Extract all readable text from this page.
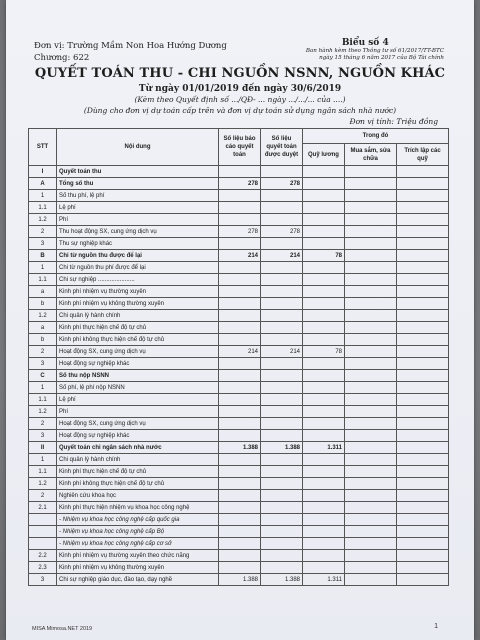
Đơn vị: Trường Mầm Non Hoa Hướng Dương
Chương: 622
Biểu số 4
Ban hành kèm theo Thông tư số 61/2017/TT-BTC
ngày 15 tháng 6 năm 2017 của Bộ Tài chính
QUYẾT TOÁN THU - CHI NGUỒN NSNN, NGUỒN KHÁC
Từ ngày 01/01/2019 đến ngày 30/6/2019
(Kèm theo Quyết định số .../QĐ- ... ngày .../.../... của ....)
(Dùng cho đơn vị dự toán cấp trên và đơn vị dự toán sử dụng ngân sách nhà nước)
Đơn vị tính: Triệu đồng
STT	Nội dung	Số liệu báo cáo quyết toán	Số liệu quyết toán được duyệt	Trong đó		
				Quỹ lương	Mua sắm, sửa chữa	Trích lập các quỹ
I	Quyết toán thu					
A	Tổng số thu	278	278			
1	Số thu phí, lệ phí					
1.1	Lệ phí					
1.2	Phí					
2	Thu hoạt động SX, cung ứng dịch vụ	278	278			
3	Thu sự nghiệp khác					
B	Chi từ nguồn thu được để lại	214	214	78		
1	Chi từ nguồn thu phí được để lại					
1.1	Chi sự nghiệp ......................					
a	Kinh phí nhiệm vụ thường xuyên					
b	Kinh phí nhiệm vụ không thường xuyên					
1.2	Chi quản lý hành chính					
a	Kinh phí thực hiện chế độ tự chủ					
b	Kinh phí không thực hiện chế độ tự chủ					
2	Hoạt động SX, cung ứng dịch vụ	214	214	78		
3	Hoạt động sự nghiệp khác					
C	Số thu nộp NSNN					
1	Số phí, lệ phí nộp NSNN					
1.1	Lệ phí					
1.2	Phí					
2	Hoạt động SX, cung ứng dịch vụ					
3	Hoạt động sự nghiệp khác					
II	Quyết toán chi ngân sách nhà nước	1.388	1.388	1.311		
1	Chi quản lý hành chính					
1.1	Kinh phí thực hiện chế độ tự chủ					
1.2	Kinh phí không thực hiện chế độ tự chủ					
2	Nghiên cứu khoa học					
2.1	Kinh phí thực hiện nhiệm vụ khoa học công nghệ					
	- Nhiệm vụ khoa học công nghệ cấp quốc gia					
	- Nhiệm vụ khoa học công nghệ cấp Bộ					
	- Nhiệm vụ khoa học công nghệ cấp cơ sở					
2.2	Kinh phí nhiệm vụ thường xuyên theo chức năng					
2.3	Kinh phí nhiệm vụ không thường xuyên					
3	Chi sự nghiệp giáo dục, đào tạo, dạy nghề	1.388	1.388	1.311		
MISA Mimosa.NET 2019	1
